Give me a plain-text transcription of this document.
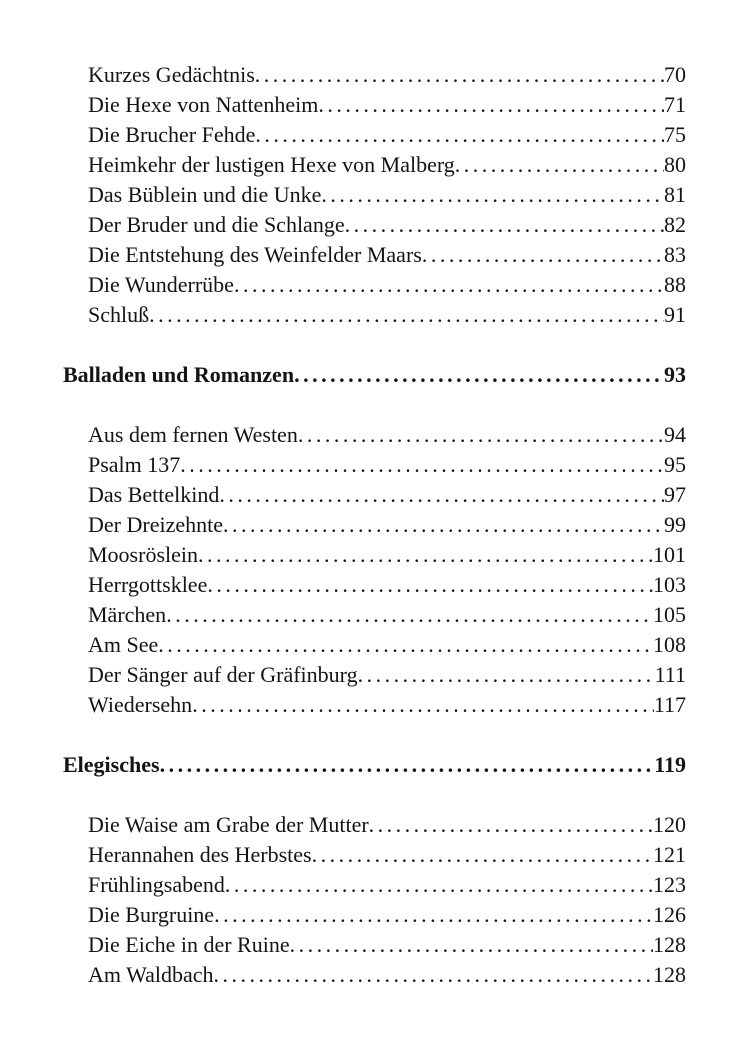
Kurzes Gedächtnis .....	70
Die Hexe von Nattenheim .....	71
Die Brucher Fehde .....	75
Heimkehr der lustigen Hexe von Malberg .....	80
Das Büblein und die Unke .....	81
Der Bruder und die Schlange .....	82
Die Entstehung des Weinfelder Maars .....	83
Die Wunderrübe .....	88
Schluß .....	91
Balladen und Romanzen .....	93
Aus dem fernen Westen .....	94
Psalm 137 .....	95
Das Bettelkind .....	97
Der Dreizehnte .....	99
Moosröslein .....	101
Herrgottsklee .....	103
Märchen .....	105
Am See .....	108
Der Sänger auf der Gräfinburg .....	111
Wiedersehn .....	117
Elegisches .....	119
Die Waise am Grabe der Mutter .....	120
Herannahen des Herbstes .....	121
Frühlingsabend .....	123
Die Burgruine .....	126
Die Eiche in der Ruine .....	128
Am Waldbach .....	128
